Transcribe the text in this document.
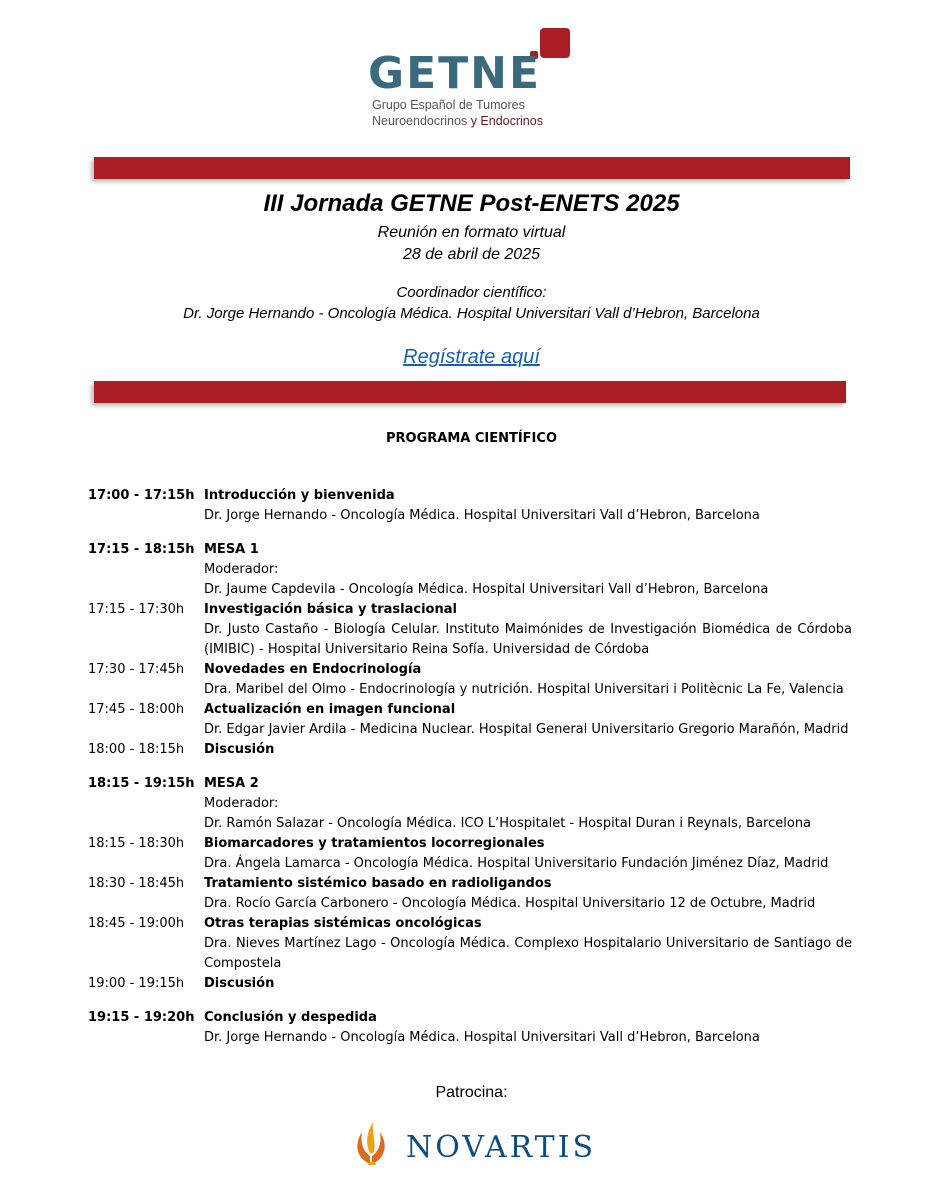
GETNE
Grupo Español de Tumores
Neuroendocrinos y Endocrinos
III Jornada GETNE Post-ENETS 2025
Reunión en formato virtual
28 de abril de 2025
Coordinador científico:
Dr. Jorge Hernando - Oncología Médica. Hospital Universitari Vall d’Hebron, Barcelona
Regístrate aquí
PROGRAMA CIENTÍFICO
17:00 - 17:15h Introducción y bienvenida
Dr. Jorge Hernando - Oncología Médica. Hospital Universitari Vall d’Hebron, Barcelona
17:15 - 18:15h MESA 1
Moderador:
Dr. Jaume Capdevila - Oncología Médica. Hospital Universitari Vall d’Hebron, Barcelona
17:15 - 17:30h	Investigación básica y traslacional
Dr. Justo Castaño - Biología Celular. Instituto Maimónides de Investigación Biomédica de Córdoba (IMIBIC) - Hospital Universitario Reina Sofía. Universidad de Córdoba
17:30 - 17:45h	Novedades en Endocrinología
Dra. Maribel del Olmo - Endocrinología y nutrición. Hospital Universitari i Politècnic La Fe, Valencia
17:45 - 18:00h	Actualización en imagen funcional
Dr. Edgar Javier Ardila - Medicina Nuclear. Hospital General Universitario Gregorio Marañón, Madrid
18:00 - 18:15h	Discusión
18:15 - 19:15h MESA 2
Moderador:
Dr. Ramón Salazar - Oncología Médica. ICO L’Hospitalet - Hospital Duran i Reynals, Barcelona
18:15 - 18:30h	Biomarcadores y tratamientos locorregionales
Dra. Ángela Lamarca - Oncología Médica. Hospital Universitario Fundación Jiménez Díaz, Madrid
18:30 - 18:45h	Tratamiento sistémico basado en radioligandos
Dra. Rocío García Carbonero - Oncología Médica. Hospital Universitario 12 de Octubre, Madrid
18:45 - 19:00h	Otras terapias sistémicas oncológicas
Dra. Nieves Martínez Lago - Oncología Médica. Complexo Hospitalario Universitario de Santiago de Compostela
19:00 - 19:15h	Discusión
19:15 - 19:20h Conclusión y despedida
Dr. Jorge Hernando - Oncología Médica. Hospital Universitari Vall d’Hebron, Barcelona
Patrocina:
NOVARTIS
